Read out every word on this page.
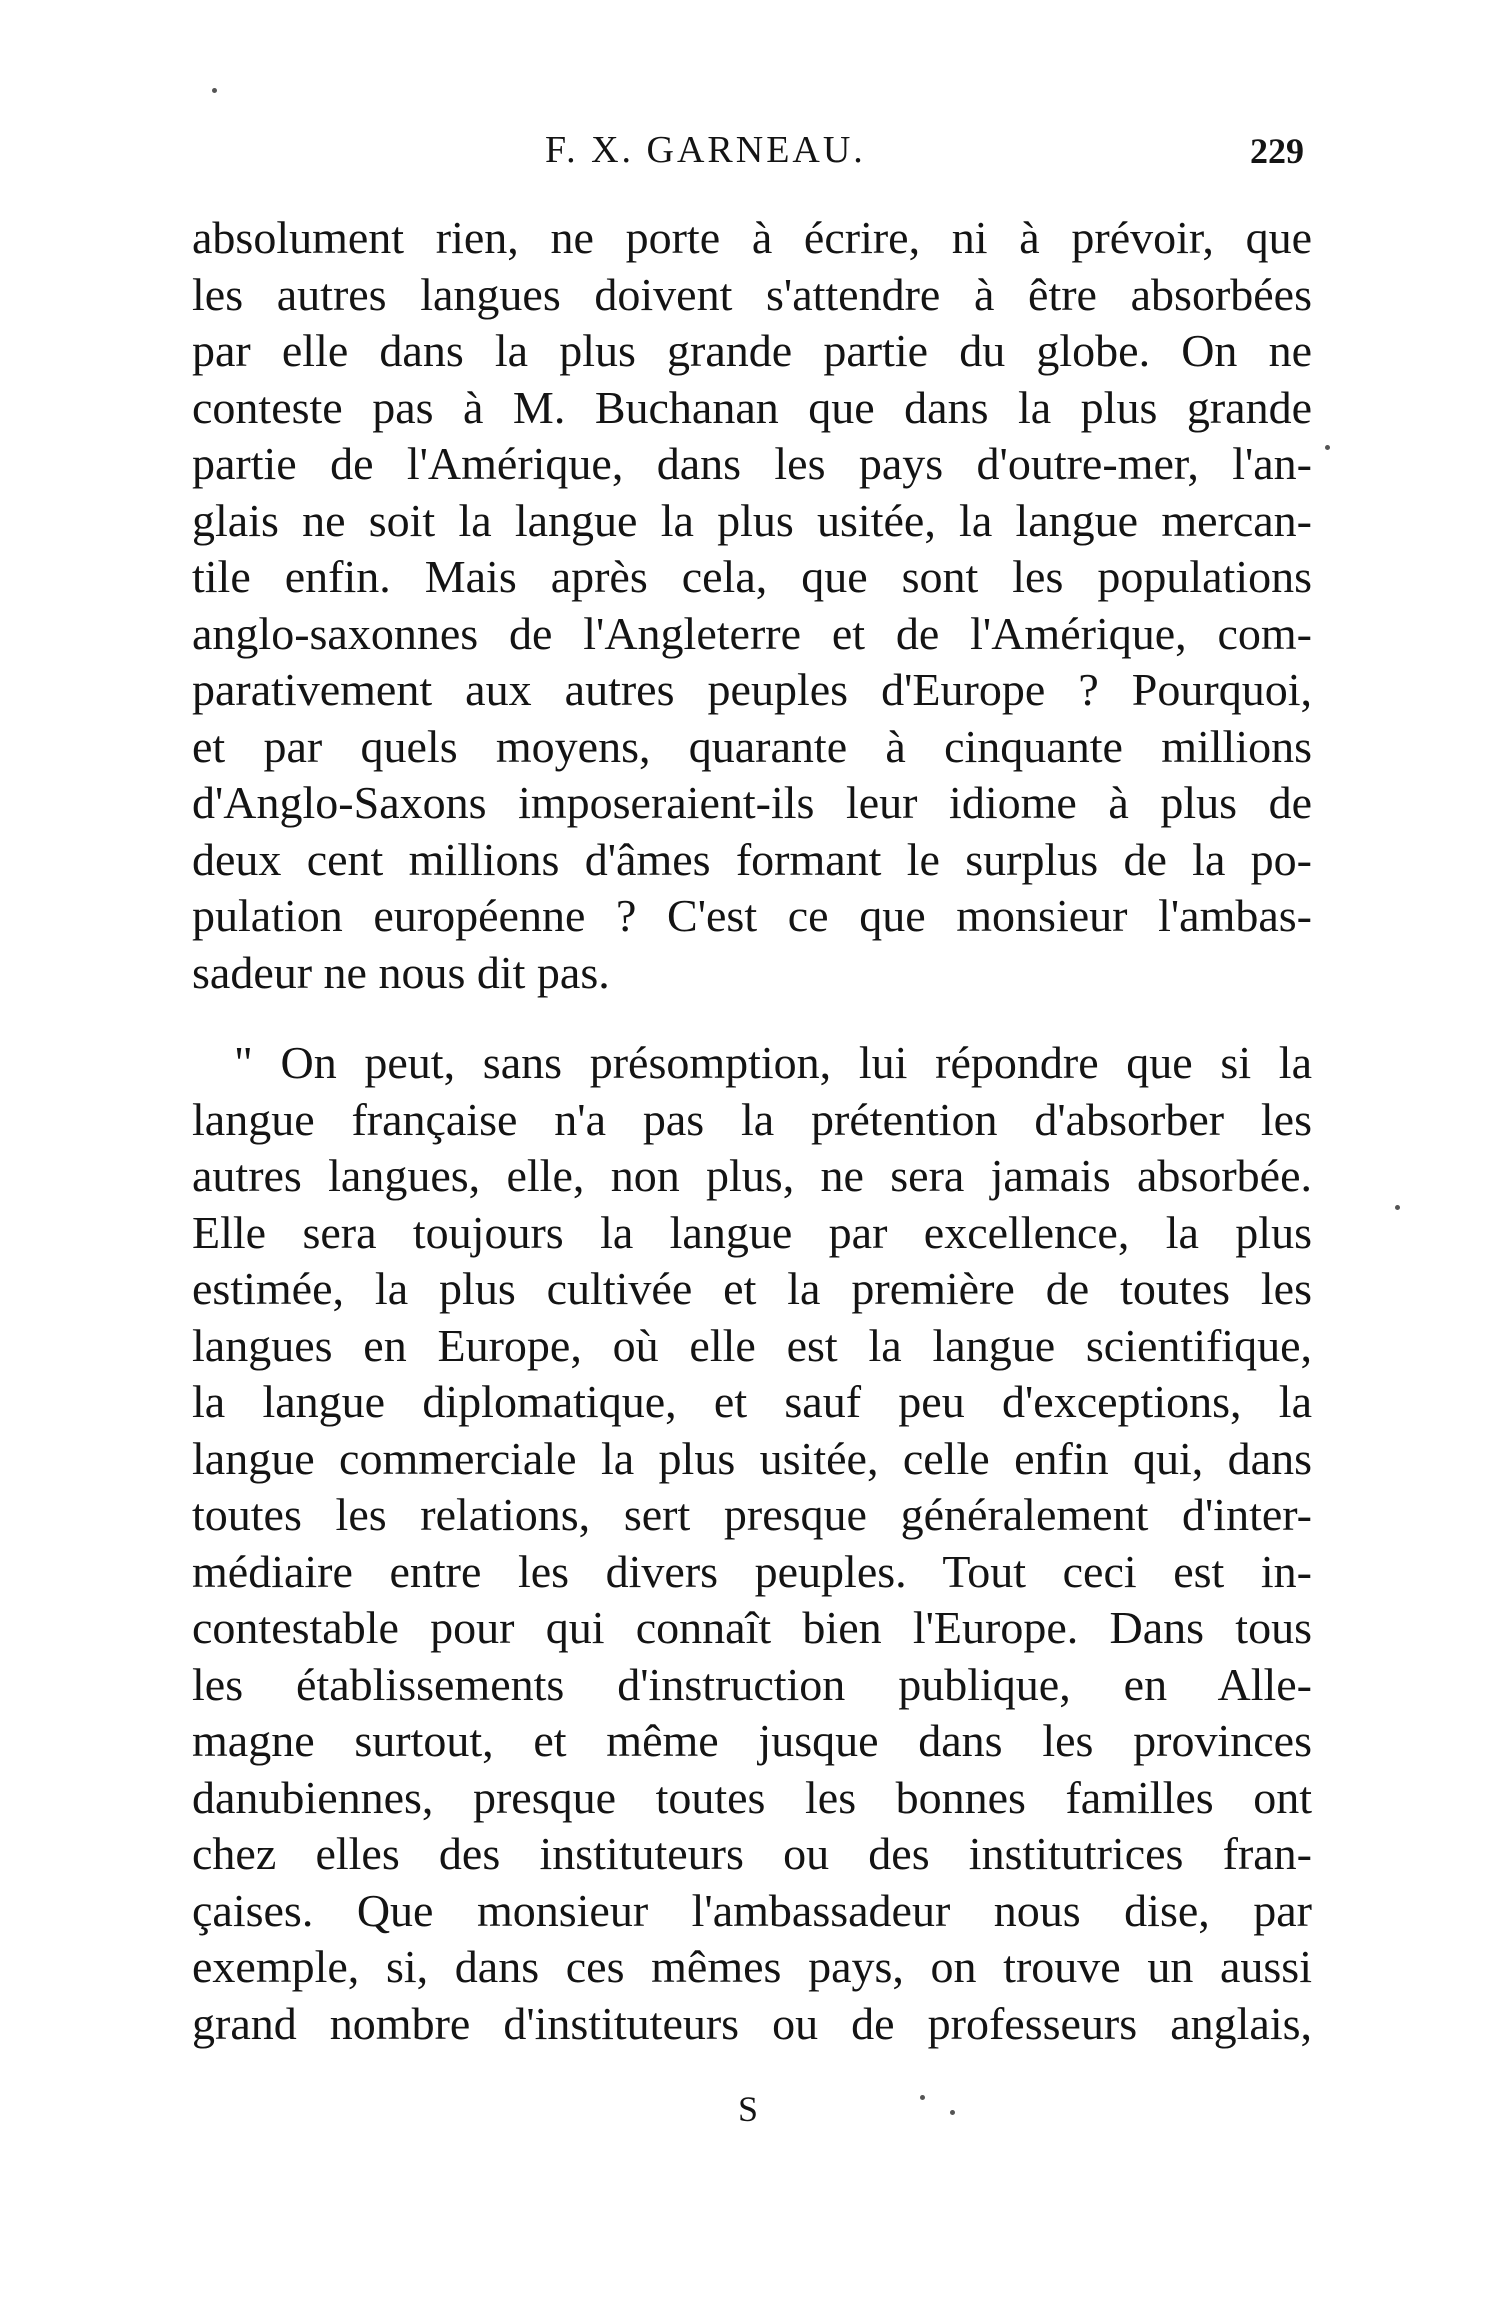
F. X. GARNEAU.	229
absolument rien, ne porte à écrire, ni à prévoir, que
les autres langues doivent s'attendre à être absorbées
par elle dans la plus grande partie du globe. On ne
conteste pas à M. Buchanan que dans la plus grande
partie de l'Amérique, dans les pays d'outre-mer, l'an-
glais ne soit la langue la plus usitée, la langue mercan-
tile enfin. Mais après cela, que sont les populations
anglo-saxonnes de l'Angleterre et de l'Amérique, com-
parativement aux autres peuples d'Europe ? Pourquoi,
et par quels moyens, quarante à cinquante millions
d'Anglo-Saxons imposeraient-ils leur idiome à plus de
deux cent millions d'âmes formant le surplus de la po-
pulation européenne ? C'est ce que monsieur l'ambas-
sadeur ne nous dit pas.
" On peut, sans présomption, lui répondre que si la
langue française n'a pas la prétention d'absorber les
autres langues, elle, non plus, ne sera jamais absorbée.
Elle sera toujours la langue par excellence, la plus
estimée, la plus cultivée et la première de toutes les
langues en Europe, où elle est la langue scientifique,
la langue diplomatique, et sauf peu d'exceptions, la
langue commerciale la plus usitée, celle enfin qui, dans
toutes les relations, sert presque généralement d'inter-
médiaire entre les divers peuples. Tout ceci est in-
contestable pour qui connaît bien l'Europe. Dans tous
les établissements d'instruction publique, en Alle-
magne surtout, et même jusque dans les provinces
danubiennes, presque toutes les bonnes familles ont
chez elles des instituteurs ou des institutrices fran-
çaises. Que monsieur l'ambassadeur nous dise, par
exemple, si, dans ces mêmes pays, on trouve un aussi
grand nombre d'instituteurs ou de professeurs anglais,
S
